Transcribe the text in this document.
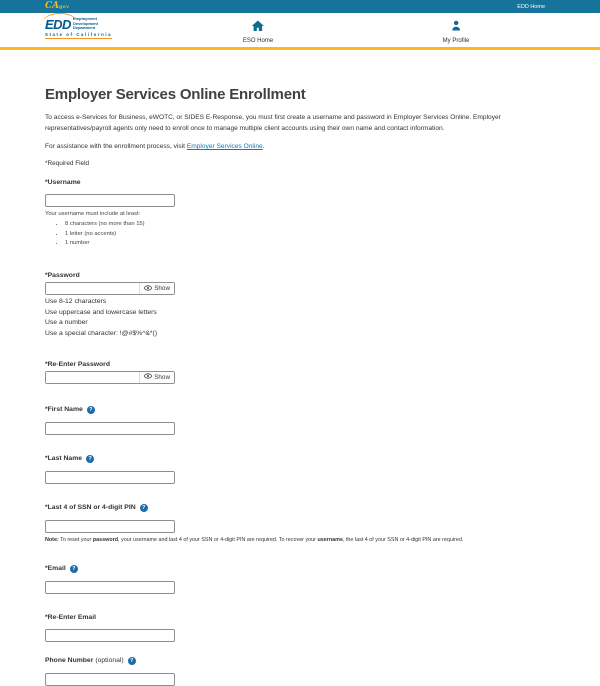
CAgov	EDD Home
EDD Employment
Development
Department
State of California
ESO Home	My Profile
Employer Services Online Enrollment

To access e-Services for Business, eWOTC, or SIDES E-Response, you must first create a username and password in Employer Services Online. Employer representatives/payroll agents only need to enroll once to manage multiple client accounts using their own name and contact information.

For assistance with the enrollment process, visit Employer Services Online.

*Required Field

*Username
Your username must include at least:
• 8 characters (no more than 15)
• 1 letter (no accents)
• 1 number
*Password
Show
Use 8-12 characters
Use uppercase and lowercase letters
Use a number
Use a special character: !@#$%^&*()
*Re-Enter Password
Show
*First Name	?
*Last Name	?
*Last 4 of SSN or 4-digit PIN	?
Note: To reset your password, your username and last 4 of your SSN or 4-digit PIN are required. To recover your username, the last 4 of your SSN or 4-digit PIN are required.
*Email	?
*Re-Enter Email
Phone Number (optional)	?
